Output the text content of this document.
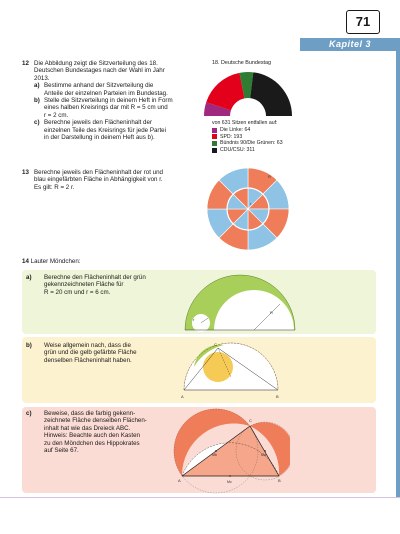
71
Kapitel 3
12 Die Abbildung zeigt die Sitzverteilung des 18.
Deutschen Bundestages nach der Wahl im Jahr
2013.
a) Bestimme anhand der Sitzverteilung die
Anteile der einzelnen Parteien im Bundestag.
b) Stelle die Sitzverteilung in deinem Heft in Form
eines halben Kreisrings dar mit R = 5 cm und
r = 2 cm.
c) Berechne jeweils den Flächeninhalt der
einzelnen Teile des Kreisrings für jede Partei
in der Darstellung in deinem Heft aus b).
18. Deutsche Bundestag
von 631 Sitzen entfallen auf:
Die Linke: 64
SPD: 193
Bündnis 90/Die Grünen: 63
CDU/CSU: 311
13 Berechne jeweils den Flächeninhalt der rot und
blau eingefärbten Fläche in Abhängigkeit von r.
Es gilt: R = 2 r.
r
R
14 Lauter Möndchen:
a)	Berechne den Flächeninhalt der grün
gekennzeichneten Fläche für
R = 20 cm und r = 6 cm.
r
R
b)	Weise allgemein nach, dass die
grün und die gelb gefärbte Fläche
denselben Flächeninhalt haben.
C
A	B
c)	Beweise, dass die farbig gekenn-
zeichnete Fläche denselben Flächen-
inhalt hat wie das Dreieck ABC.
Hinweis: Beachte auch den Kasten
zu den Möndchen des Hippokrates
auf Seite 67.
C
A	B
Mb	Ma
Mc
